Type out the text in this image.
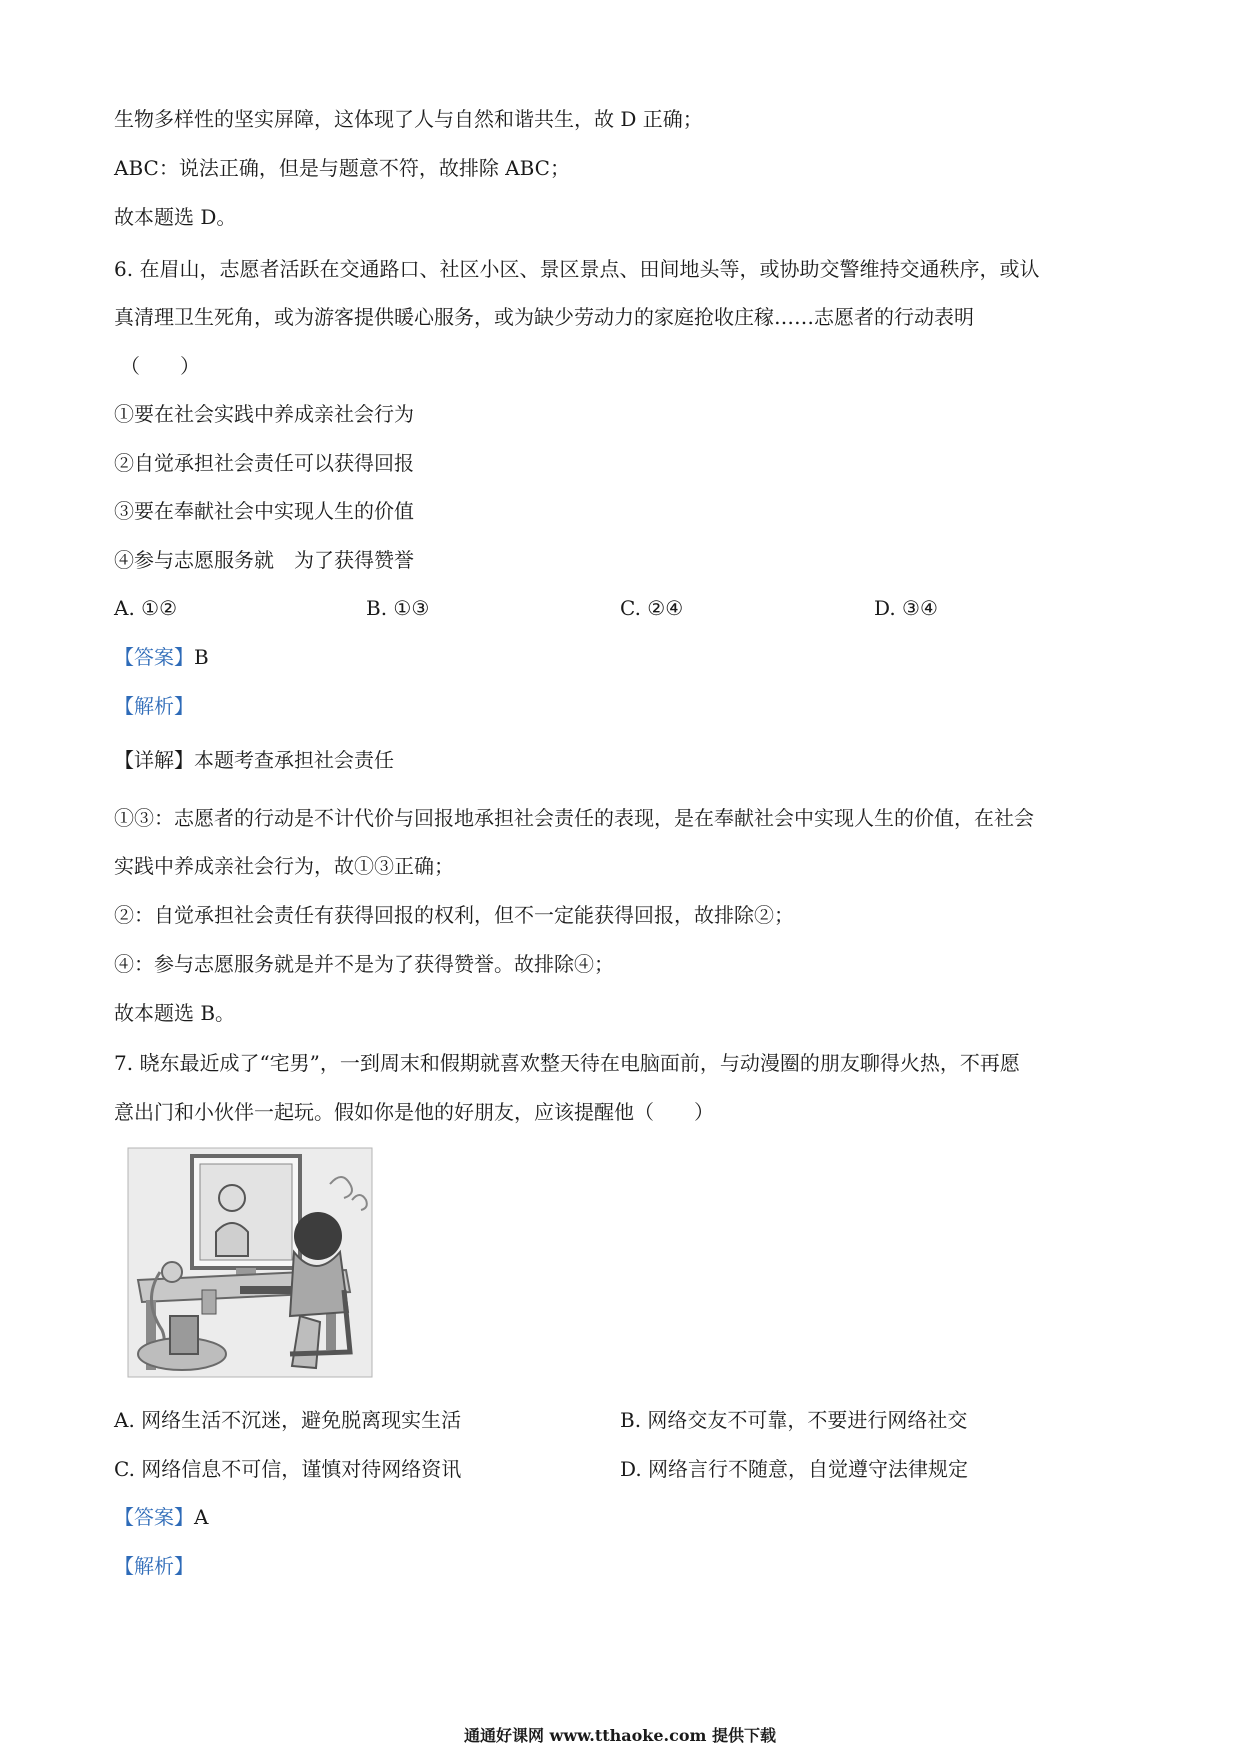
生物多样性的坚实屏障，这体现了人与自然和谐共生，故 D 正确；
ABC：说法正确，但是与题意不符，故排除 ABC；
故本题选 D。
6. 在眉山，志愿者活跃在交通路口、社区小区、景区景点、田间地头等，或协助交警维持交通秩序，或认
真清理卫生死角，或为游客提供暖心服务，或为缺少劳动力的家庭抢收庄稼……志愿者的行动表明
（　　）
①要在社会实践中养成亲社会行为
②自觉承担社会责任可以获得回报
③要在奉献社会中实现人生的价值
④参与志愿服务就　为了获得赞誉
A. ①②	B. ①③	C. ②④	D. ③④
【答案】B
【解析】
【详解】本题考查承担社会责任
①③：志愿者的行动是不计代价与回报地承担社会责任的表现，是在奉献社会中实现人生的价值，在社会
实践中养成亲社会行为，故①③正确；
②：自觉承担社会责任有获得回报的权利，但不一定能获得回报，故排除②；
④：参与志愿服务就是并不是为了获得赞誉。故排除④；
故本题选 B。
7. 晓东最近成了“宅男”，一到周末和假期就喜欢整天待在电脑面前，与动漫圈的朋友聊得火热，不再愿
意出门和小伙伴一起玩。假如你是他的好朋友，应该提醒他（　　）
A. 网络生活不沉迷，避免脱离现实生活	B. 网络交友不可靠，不要进行网络社交
C. 网络信息不可信，谨慎对待网络资讯	D. 网络言行不随意，自觉遵守法律规定
【答案】A
【解析】
通通好课网 www.tthaoke.com 提供下载
